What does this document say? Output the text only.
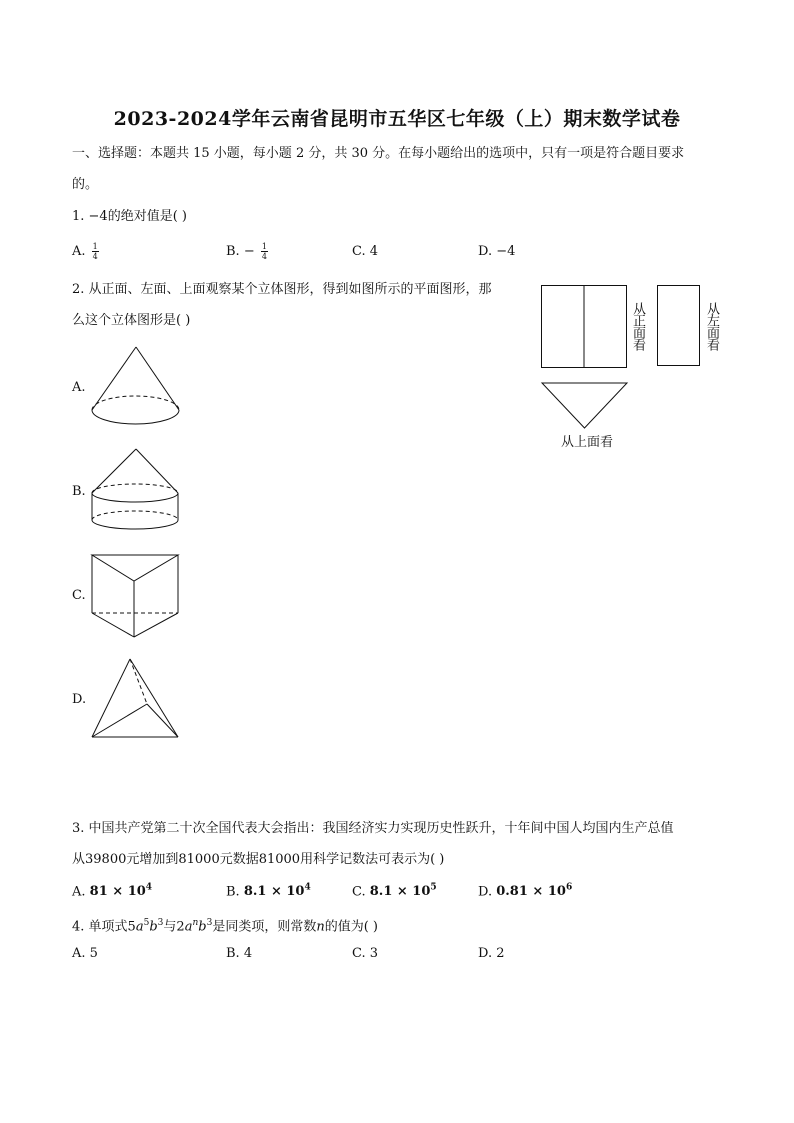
2023-2024学年云南省昆明市五华区七年级（上）期末数学试卷
一、选择题：本题共 15 小题，每小题 2 分，共 30 分。在每小题给出的选项中，只有一项是符合题目要求
的。
1. −4的绝对值是( )
A. $\frac{1}{4}$	B. − $\frac{1}{4}$	C. 4	D. −4
2. 从正面、左面、上面观察某个立体图形，得到如图所示的平面图形，那
么这个立体图形是( )	从正面看	从左面看
从上面看
A.
B.
C.
D.
3. 中国共产党第二十次全国代表大会指出：我国经济实力实现历史性跃升，十年间中国人均国内生产总值
从39800元增加到81000元数据81000用科学记数法可表示为( )
A. $81 \times 10^4$	B. $8.1 \times 10^4$	C. $8.1 \times 10^5$	D. $0.81 \times 10^6$
4. 单项式$5a^5b^3$与$2a^nb^3$是同类项，则常数n的值为( )
A. 5	B. 4	C. 3	D. 2
